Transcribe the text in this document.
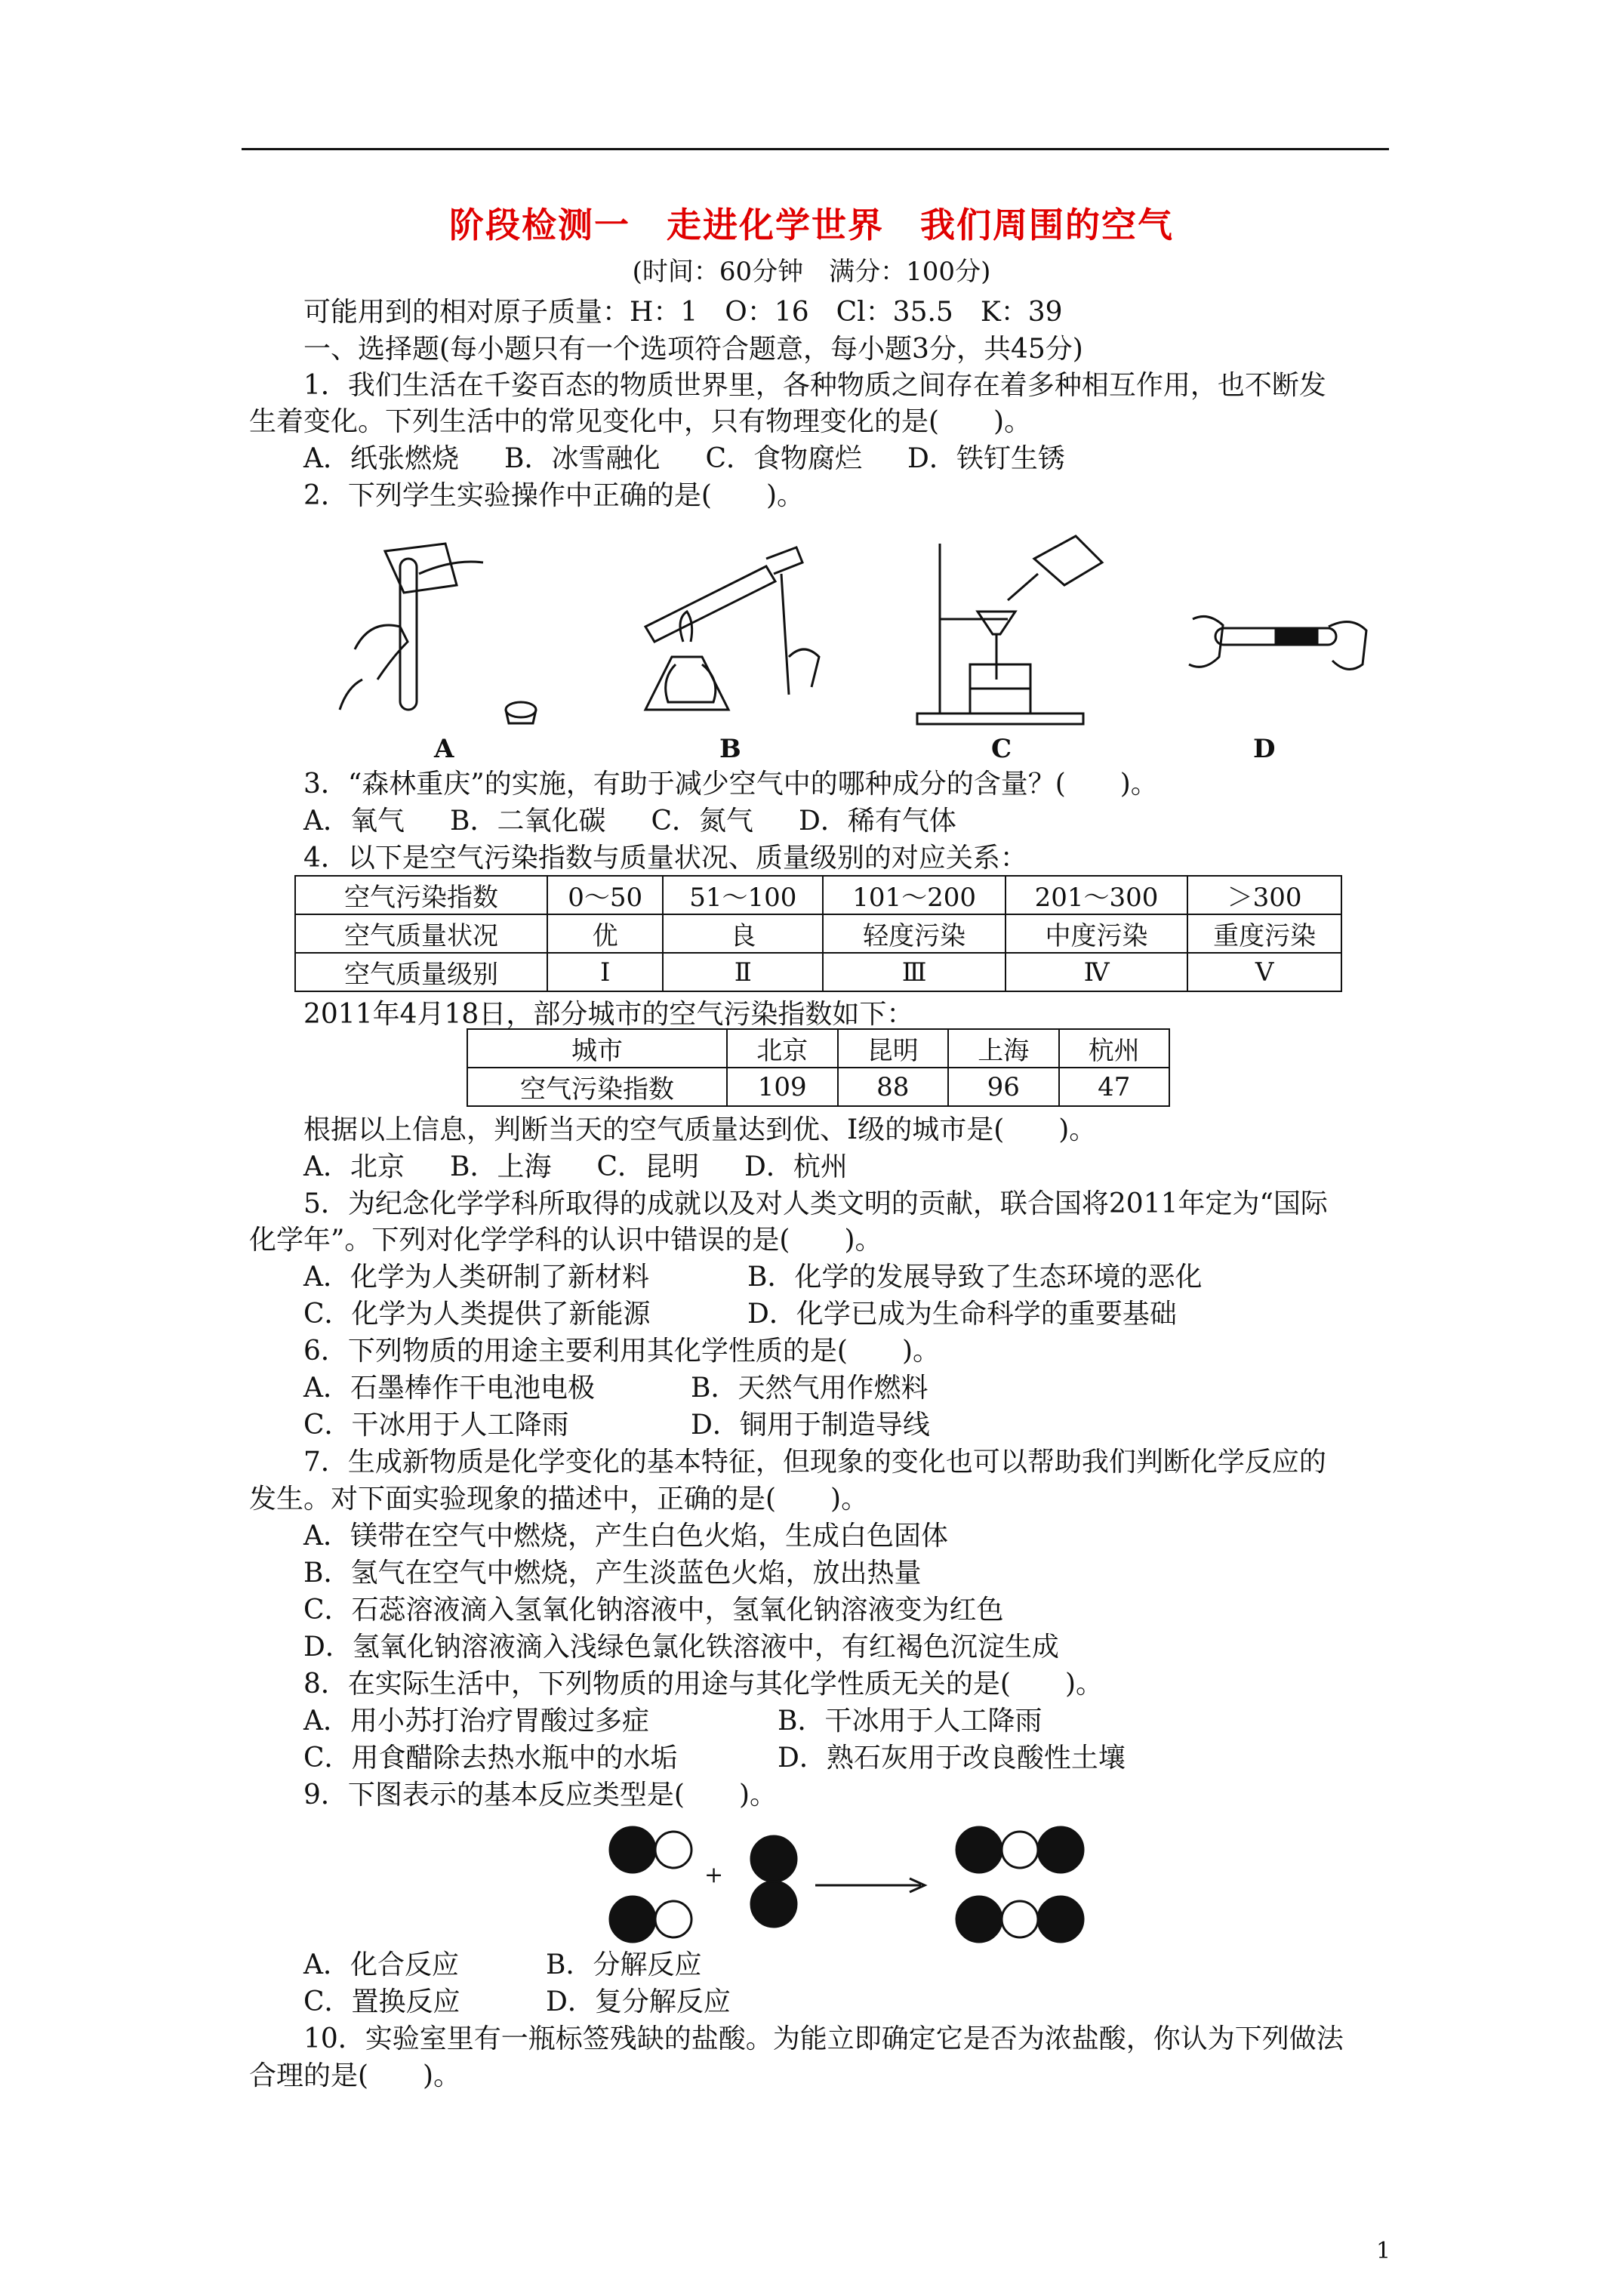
阶段检测一　走进化学世界　我们周围的空气
(时间：60分钟　满分：100分)
可能用到的相对原子质量：H：1　O：16　Cl：35.5　K：39
一、选择题(每小题只有一个选项符合题意，每小题3分，共45分)
1．我们生活在千姿百态的物质世界里，各种物质之间存在着多种相互作用，也不断发
生着变化。下列生活中的常见变化中，只有物理变化的是(　　)。
A．纸张燃烧 B．冰雪融化 C．食物腐烂 D．铁钉生锈
2．下列学生实验操作中正确的是(　　)。
A	B	C	D
3．“森林重庆”的实施，有助于减少空气中的哪种成分的含量？(　　)。
A．氧气 B．二氧化碳 C．氮气 D．稀有气体
4．以下是空气污染指数与质量状况、质量级别的对应关系：
空气污染指数	0～50	51～100	101～200	201～300	＞300
空气质量状况	优	良	轻度污染	中度污染	重度污染
空气质量级别	Ⅰ	Ⅱ	Ⅲ	Ⅳ	Ⅴ
2011年4月18日，部分城市的空气污染指数如下：
城市	北京	昆明	上海	杭州
空气污染指数	109	88	96	47
根据以上信息，判断当天的空气质量达到优、Ⅰ级的城市是(　　)。
A．北京 B．上海 C．昆明 D．杭州
5．为纪念化学学科所取得的成就以及对人类文明的贡献，联合国将2011年定为“国际
化学年”。下列对化学学科的认识中错误的是(　　)。
A．化学为人类研制了新材料	B．化学的发展导致了生态环境的恶化
C．化学为人类提供了新能源	D．化学已成为生命科学的重要基础
6．下列物质的用途主要利用其化学性质的是(　　)。
A．石墨棒作干电池电极	B．天然气用作燃料
C．干冰用于人工降雨	D．铜用于制造导线
7．生成新物质是化学变化的基本特征，但现象的变化也可以帮助我们判断化学反应的
发生。对下面实验现象的描述中，正确的是(　　)。
A．镁带在空气中燃烧，产生白色火焰，生成白色固体
B．氢气在空气中燃烧，产生淡蓝色火焰，放出热量
C．石蕊溶液滴入氢氧化钠溶液中，氢氧化钠溶液变为红色
D．氢氧化钠溶液滴入浅绿色氯化铁溶液中，有红褐色沉淀生成
8．在实际生活中，下列物质的用途与其化学性质无关的是(　　)。
A．用小苏打治疗胃酸过多症	B．干冰用于人工降雨
C．用食醋除去热水瓶中的水垢	D．熟石灰用于改良酸性土壤
9．下图表示的基本反应类型是(　　)。
+
A．化合反应	B．分解反应
C．置换反应	D．复分解反应
10．实验室里有一瓶标签残缺的盐酸。为能立即确定它是否为浓盐酸，你认为下列做法
合理的是(　　)。
1
